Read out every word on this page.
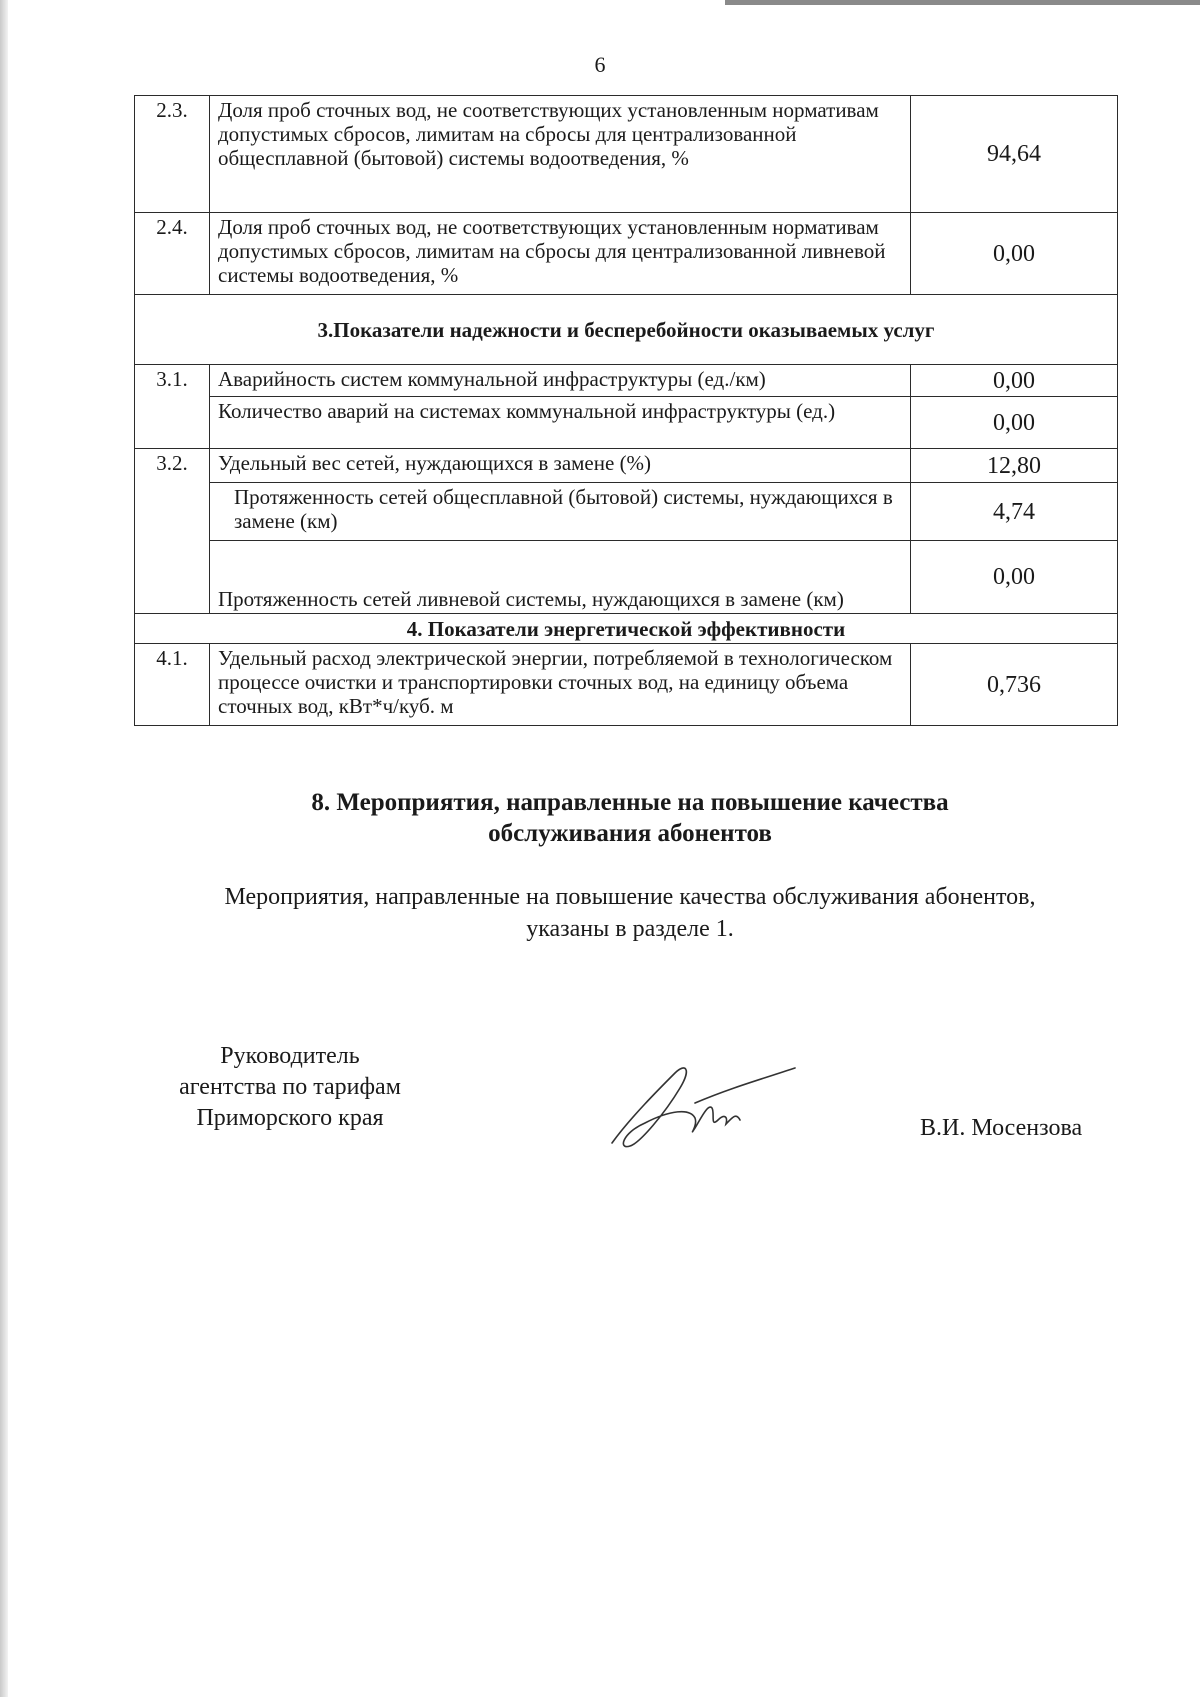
6
2.3.	Доля проб сточных вод, не соответствующих установленным нормативам допустимых сбросов, лимитам на сбросы для централизованной общесплавной (бытовой) системы водоотведения, %	94,64
2.4.	Доля проб сточных вод, не соответствующих установленным нормативам допустимых сбросов, лимитам на сбросы для централизованной ливневой системы водоотведения, %	0,00
3.Показатели надежности и бесперебойности оказываемых услуг		
3.1.	Аварийность систем коммунальной инфраструктуры (ед./км)	0,00
	Количество аварий на системах коммунальной инфраструктуры (ед.)	0,00
3.2.	Удельный вес сетей, нуждающихся в замене (%)	12,80
	Протяженность сетей общесплавной (бытовой) системы, нуждающихся в замене (км)	4,74
	Протяженность сетей ливневой системы, нуждающихся в замене (км)	0,00
4. Показатели энергетической эффективности		
4.1.	Удельный расход электрической энергии, потребляемой в технологическом процессе очистки и транспортировки сточных вод, на единицу объема сточных вод, кВт*ч/куб. м	0,736
8. Мероприятия, направленные на повышение качества
обслуживания абонентов
Мероприятия, направленные на повышение качества обслуживания абонентов,
указаны в разделе 1.
Руководитель
агентства по тарифам
Приморского края	В.И. Мосензова
